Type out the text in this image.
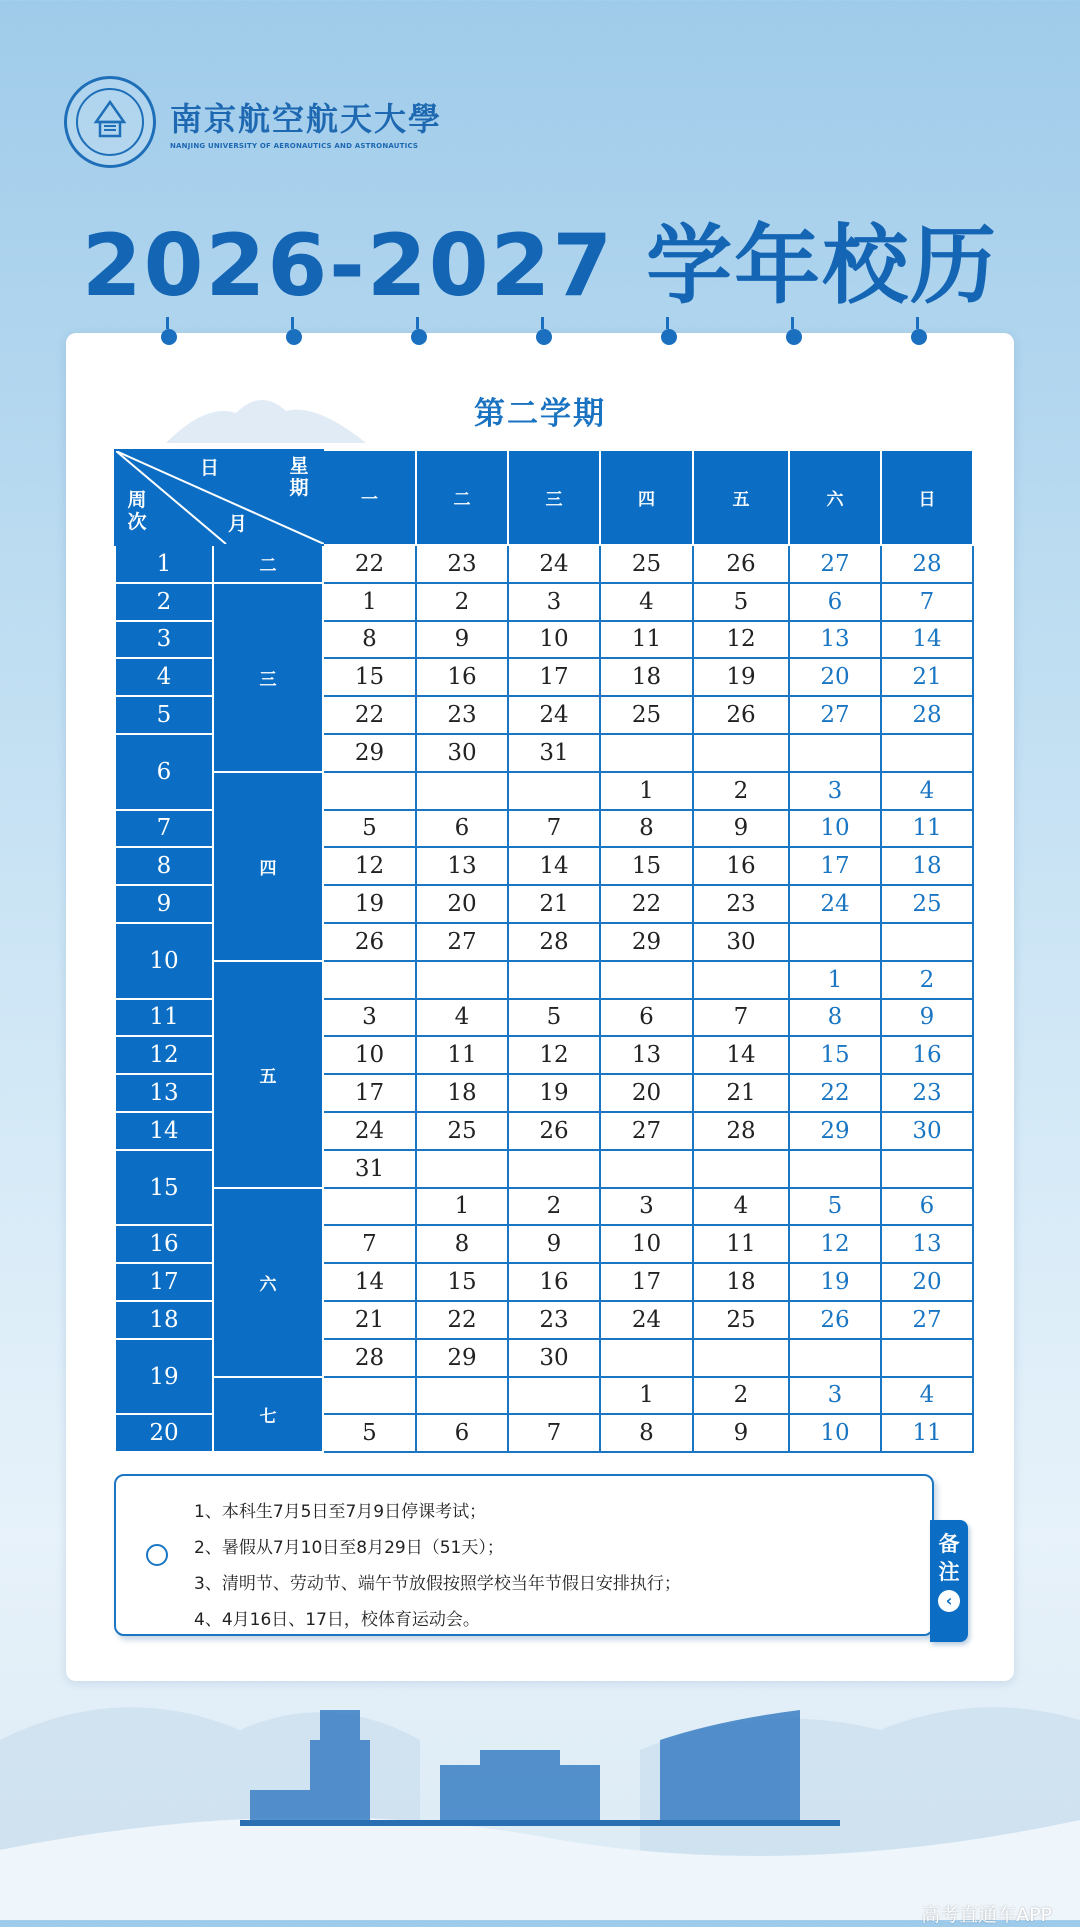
南京航空航天大學
NANJING UNIVERSITY OF AERONAUTICS AND ASTRONAUTICS
2026-2027 学年校历
第二学期
日 星期
周次 月		一	二	三	四	五	六	日
1	二	22	23	24	25	26	27	28
2	三	1	2	3	4	5	6	7
3		8	9	10	11	12	13	14
4		15	16	17	18	19	20	21
5		22	23	24	25	26	27	28
6		29	30	31				
	四				1	2	3	4
7		5	6	7	8	9	10	11
8		12	13	14	15	16	17	18
9		19	20	21	22	23	24	25
10		26	27	28	29	30		
	五						1	2
11		3	4	5	6	7	8	9
12		10	11	12	13	14	15	16
13		17	18	19	20	21	22	23
14		24	25	26	27	28	29	30
15		31						
	六		1	2	3	4	5	6
16		7	8	9	10	11	12	13
17		14	15	16	17	18	19	20
18		21	22	23	24	25	26	27
19		28	29	30				
	七				1	2	3	4
20		5	6	7	8	9	10	11
1、本科生7月5日至7月9日停课考试；
2、暑假从7月10日至8月29日（51天）；
3、清明节、劳动节、端午节放假按照学校当年节假日安排执行；
4、4月16日、17日，校体育运动会。
备注
‹
高考直通车APP
